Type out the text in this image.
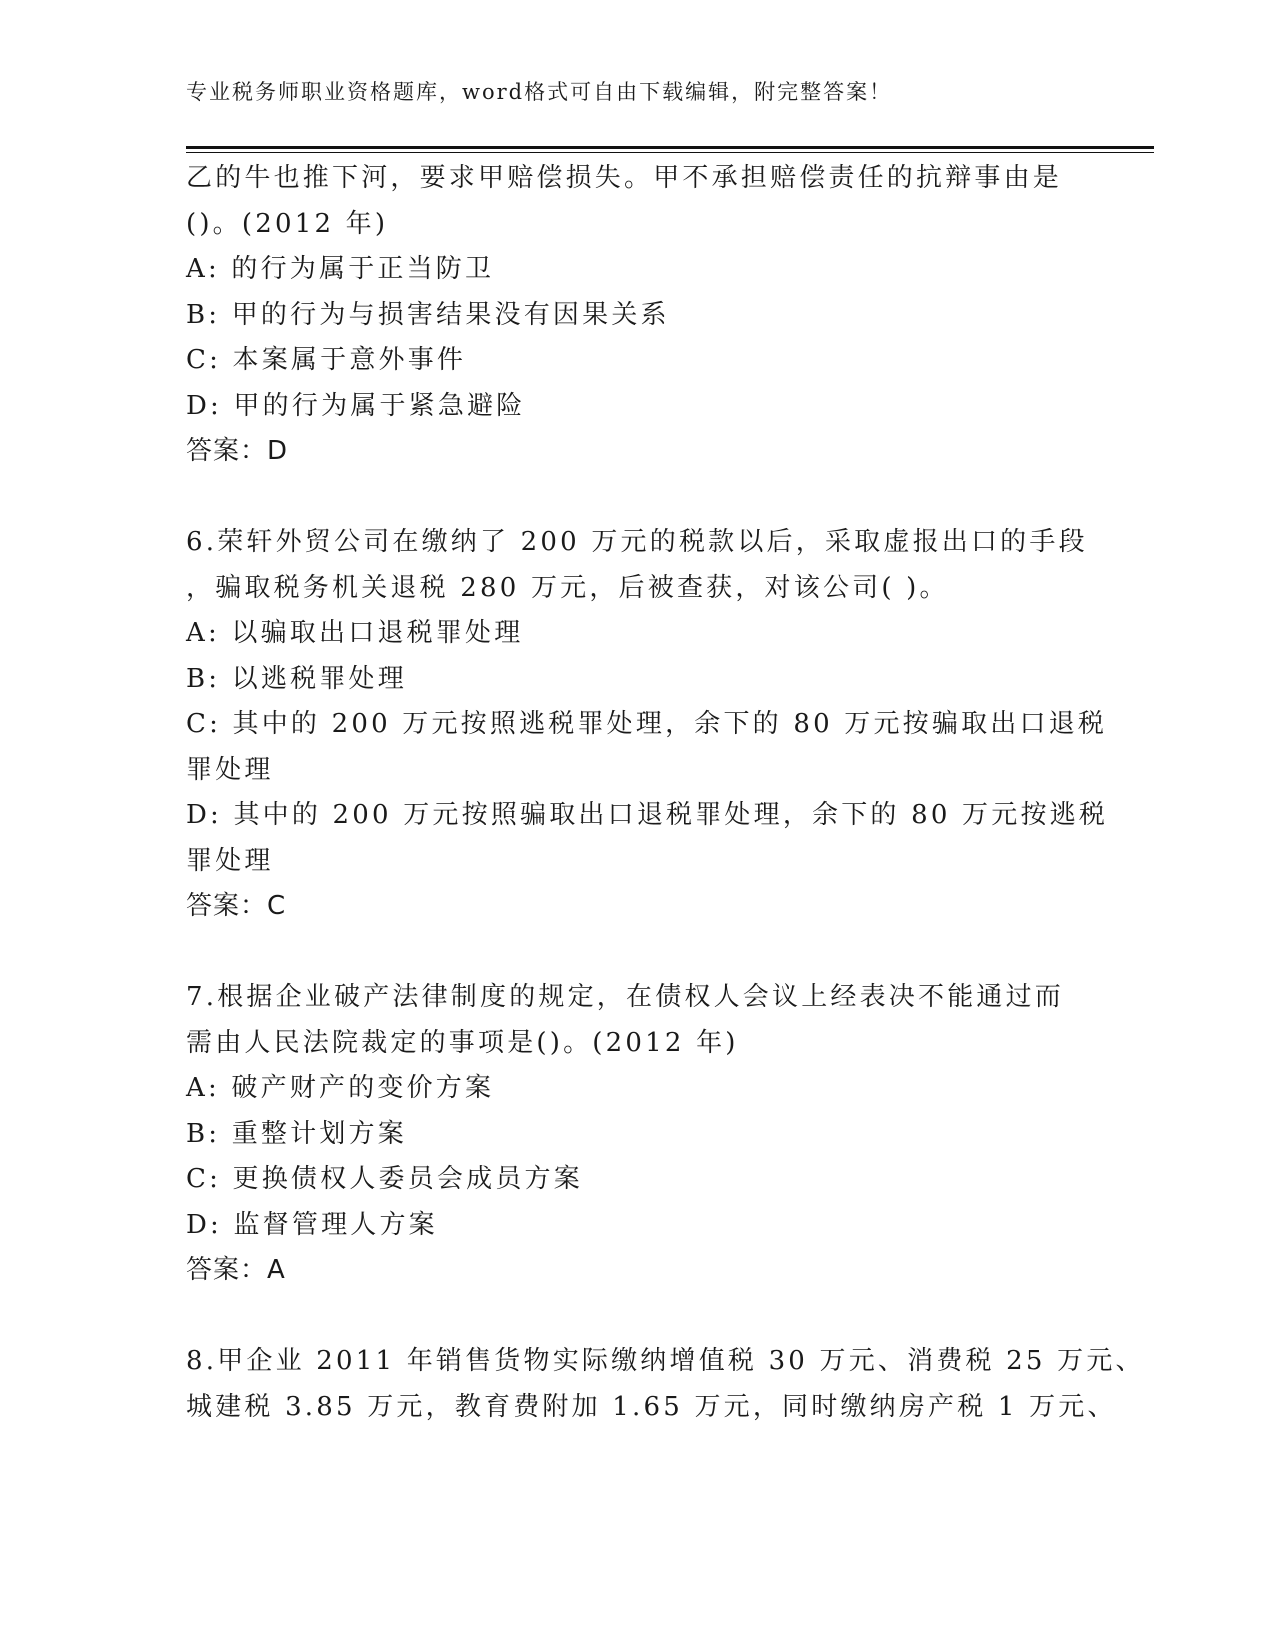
专业税务师职业资格题库，word格式可自由下载编辑，附完整答案！
乙的牛也推下河，要求甲赔偿损失。甲不承担赔偿责任的抗辩事由是
()。(2012 年)
A: 的行为属于正当防卫
B: 甲的行为与损害结果没有因果关系
C: 本案属于意外事件
D: 甲的行为属于紧急避险
答案：D
6.荣轩外贸公司在缴纳了 200 万元的税款以后，采取虚报出口的手段
，骗取税务机关退税 280 万元，后被查获，对该公司( )。
A: 以骗取出口退税罪处理
B: 以逃税罪处理
C: 其中的 200 万元按照逃税罪处理，余下的 80 万元按骗取出口退税
罪处理
D: 其中的 200 万元按照骗取出口退税罪处理，余下的 80 万元按逃税
罪处理
答案：C
7.根据企业破产法律制度的规定，在债权人会议上经表决不能通过而
需由人民法院裁定的事项是()。(2012 年)
A: 破产财产的变价方案
B: 重整计划方案
C: 更换债权人委员会成员方案
D: 监督管理人方案
答案：A
8.甲企业 2011 年销售货物实际缴纳增值税 30 万元、消费税 25 万元、
城建税 3.85 万元，教育费附加 1.65 万元，同时缴纳房产税 1 万元、
